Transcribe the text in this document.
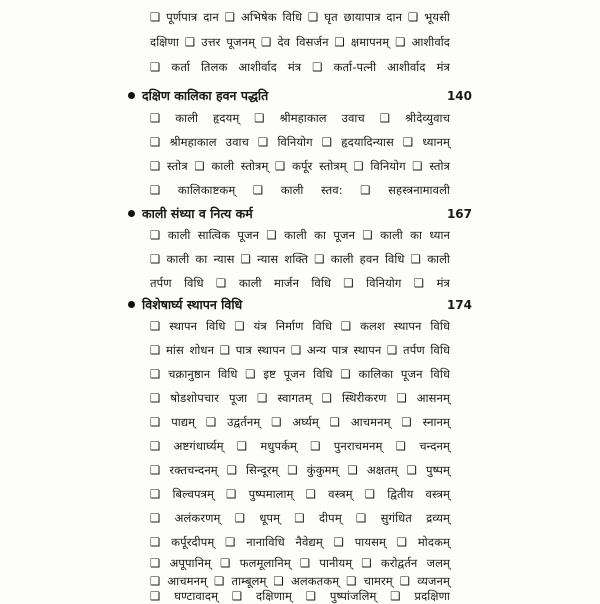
❑ पूर्णपात्र दान ❑ अभिषेक विधि ❑ घृत छायापात्र दान ❑ भूयसी
दक्षिणा ❑ उत्तर पूजनम् ❑ देव विसर्जन ❑ क्षमापनम् ❑ आशीर्वाद
❑ कर्ता तिलक आशीर्वाद मंत्र ❑ कर्ता-पत्नी आशीर्वाद मंत्र
दक्षिण कालिका हवन पद्धति	140
❑ काली हृदयम् ❑ श्रीमहाकाल उवाच ❑ श्रीदेव्युवाच
❑ श्रीमहाकाल उवाच ❑ विनियोग ❑ हृदयादिन्यास ❑ ध्यानम्
❑ स्तोत्र ❑ काली स्तोत्रम् ❑ कर्पूर स्तोत्रम् ❑ विनियोग ❑ स्तोत्र
❑ कालिकाष्टकम् ❑ काली स्तव: ❑ सहस्त्रनामावली
काली संध्या व नित्य कर्म	167
❑ काली सात्विक पूजन ❑ काली का पूजन ❑ काली का ध्यान
❑ काली का न्यास ❑ न्यास शक्ति ❑ काली हवन विधि ❑ काली
तर्पण विधि ❑ काली मार्जन विधि ❑ विनियोग ❑ मंत्र
विशेषार्घ्य स्थापन विधि	174
❑ स्थापन विधि ❑ यंत्र निर्माण विधि ❑ कलश स्थापन विधि
❑ मांस शोधन ❑ पात्र स्थापन ❑ अन्य पात्र स्थापन ❑ तर्पण विधि
❑ चक्रानुष्ठान विधि ❑ इष्ट पूजन विधि ❑ कालिका पूजन विधि
❑ षोडशोपचार पूजा ❑ स्वागतम् ❑ स्थिरीकरण ❑ आसनम्
❑ पाद्यम् ❑ उद्वर्तनम् ❑ अर्घ्यम् ❑ आचमनम् ❑ स्नानम्
❑ अष्टगंधार्घ्यम् ❑ मधुपर्कम् ❑ पुनराचमनम् ❑ चन्दनम्
❑ रक्तचन्दनम् ❑ सिन्दूरम् ❑ कुंकुमम् ❑ अक्षतम् ❑ पुष्पम्
❑ बिल्वपत्रम् ❑ पुष्पमालाम् ❑ वस्त्रम् ❑ द्वितीय वस्त्रम्
❑ अलंकरणम् ❑ धूपम् ❑ दीपम् ❑ सुगंधित द्रव्यम्
❑ कर्पूरदीपम् ❑ नानाविधि नैवेद्यम् ❑ पायसम् ❑ मोदकम्
❑ अपूपानिम् ❑ फलमूलानिम् ❑ पानीयम् ❑ करोद्वर्तन जलम्
❑ आचमनम् ❑ ताम्बूलम् ❑ अलकतकम् ❑ चामरम् ❑ व्यजनम्
❑ घण्टावादम् ❑ दक्षिणाम् ❑ पुष्पांजलिम् ❑ प्रदक्षिणा
